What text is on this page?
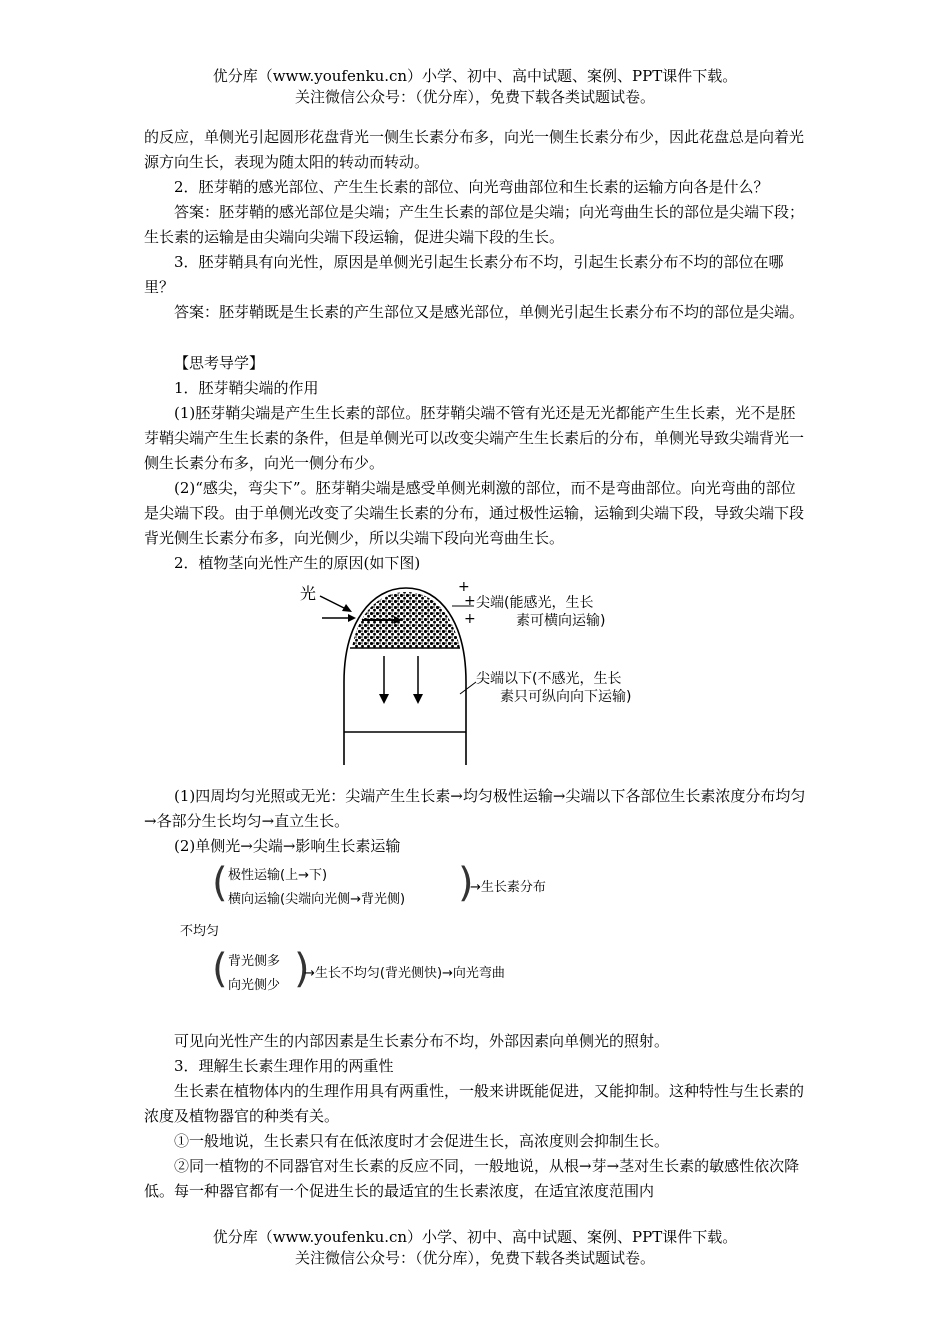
优分库（www.youfenku.cn）小学、初中、高中试题、案例、PPT课件下载。
关注微信公众号：（优分库），免费下载各类试题试卷。

的反应，单侧光引起圆形花盘背光一侧生长素分布多，向光一侧生长素分布少，因此花盘总是向着光源方向生长，表现为随太阳的转动而转动。

2．胚芽鞘的感光部位、产生生长素的部位、向光弯曲部位和生长素的运输方向各是什么？

答案：胚芽鞘的感光部位是尖端；产生生长素的部位是尖端；向光弯曲生长的部位是尖端下段；生长素的运输是由尖端向尖端下段运输，促进尖端下段的生长。

3．胚芽鞘具有向光性，原因是单侧光引起生长素分布不均，引起生长素分布不均的部位在哪里？

答案：胚芽鞘既是生长素的产生部位又是感光部位，单侧光引起生长素分布不均的部位是尖端。

【思考导学】

1．胚芽鞘尖端的作用

(1)胚芽鞘尖端是产生生长素的部位。胚芽鞘尖端不管有光还是无光都能产生生长素，光不是胚芽鞘尖端产生生长素的条件，但是单侧光可以改变尖端产生生长素后的分布，单侧光导致尖端背光一侧生长素分布多，向光一侧分布少。

(2)“感尖，弯尖下”。胚芽鞘尖端是感受单侧光刺激的部位，而不是弯曲部位。向光弯曲的部位是尖端下段。由于单侧光改变了尖端生长素的分布，通过极性运输，运输到尖端下段，导致尖端下段背光侧生长素分布多，向光侧少，所以尖端下段向光弯曲生长。

2．植物茎向光性产生的原因(如下图)

光	+
+
+
尖端(能感光，生长
素可横向运输)
尖端以下(不感光，生长
素只可纵向向下运输)

(1)四周均匀光照或无光：尖端产生生长素→均匀极性运输→尖端以下各部位生长素浓度分布均匀→各部分生长均匀→直立生长。

(2)单侧光→尖端→影响生长素运输

( 极性运输(上→下)
横向运输(尖端向光侧→背光侧) )
→生长素分布
不均匀
( 背光侧多
向光侧少 )
→生长不均匀(背光侧快)→向光弯曲

可见向光性产生的内部因素是生长素分布不均，外部因素向单侧光的照射。

3．理解生长素生理作用的两重性

生长素在植物体内的生理作用具有两重性，一般来讲既能促进，又能抑制。这种特性与生长素的浓度及植物器官的种类有关。

①一般地说，生长素只有在低浓度时才会促进生长，高浓度则会抑制生长。

②同一植物的不同器官对生长素的反应不同，一般地说，从根→芽→茎对生长素的敏感性依次降低。每一种器官都有一个促进生长的最适宜的生长素浓度，在适宜浓度范围内

优分库（www.youfenku.cn）小学、初中、高中试题、案例、PPT课件下载。
关注微信公众号：（优分库），免费下载各类试题试卷。
